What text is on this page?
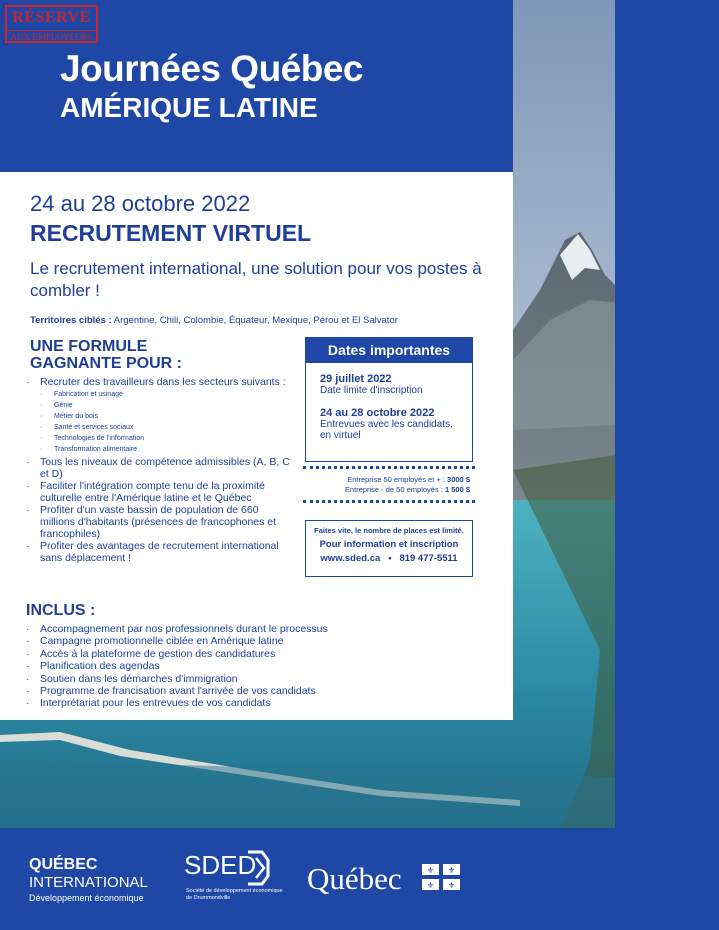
RÉSERVÉ
AUX EMPLOYEURS
Journées Québec
AMÉRIQUE LATINE
24 au 28 octobre 2022
RECRUTEMENT VIRTUEL
Le recrutement international, une solution pour vos postes à combler !
Territoires ciblés : Argentine, Chili, Colombie, Équateur, Mexique, Pérou et El Salvator
UNE FORMULE
GAGNANTE POUR :
· Recruter des travailleurs dans les secteurs suivants :
· Fabrication et usinage
· Génie
· Métier du bois
· Santé et services sociaux
· Technologies de l'information
· Transformation alimentaire
· Tous les niveaux de compétence admissibles (A, B, C et D)
· Faciliter l'intégration compte tenu de la proximité culturelle entre l'Amérique latine et le Québec
· Profiter d'un vaste bassin de population de 660 millions d'habitants (présences de francophones et francophiles)
· Profiter des avantages de recrutement international sans déplacement !
Dates importantes
29 juillet 2022
Date limite d'inscription
24 au 28 octobre 2022
Entrevues avec les candidats, en virtuel
Entreprise 50 employés et + : 3000 $
Entreprise - de 50 employés : 1 500 $
Faites vite, le nombre de places est limité.
Pour information et inscription
www.sded.ca • 819 477-5511
INCLUS :
· Accompagnement par nos professionnels durant le processus
· Campagne promotionnelle ciblée en Amérique latine
· Accès à la plateforme de gestion des candidatures
· Planification des agendas
· Soutien dans les démarches d'immigration
· Programme de francisation avant l'arrivée de vos candidats
· Interprétariat pour les entrevues de vos candidats
QUÉBEC
INTERNATIONAL
Développement économique
SDED
Société de développement économique de Drummondville
Québec	⚜ ⚜
⚜ ⚜
